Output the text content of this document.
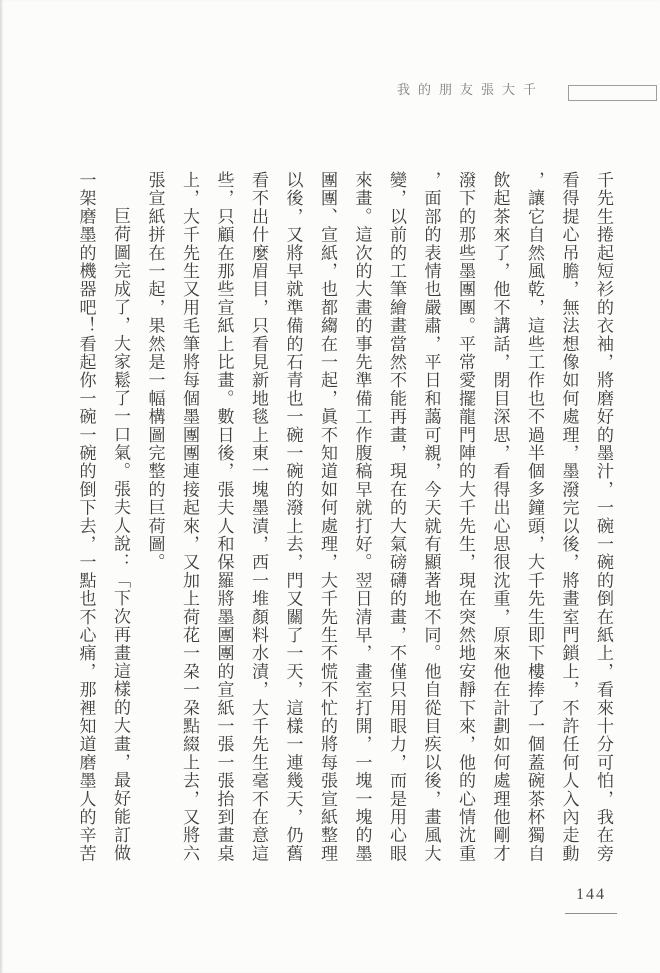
我的朋友張大千

千先生捲起短衫的衣袖，將磨好的墨汁，一碗一碗的倒在紙上，看來十分可怕，我在旁看得提心吊膽，無法想像如何處理，墨潑完以後，將畫室門鎖上，不許任何人入內走動，讓它自然風乾，這些工作也不過半個多鐘頭，大千先生即下樓捧了一個蓋碗茶杯獨自飲起茶來了，他不講話，閉目深思，看得出心思很沈重，原來他在計劃如何處理他剛才潑下的那些墨團團。平常愛擺龍門陣的大千先生，現在突然地安靜下來，他的心情沈重，面部的表情也嚴肅，平日和藹可親，今天就有顯著地不同。他自從目疾以後，畫風大變，以前的工筆繪畫當然不能再畫，現在的大氣磅礴的畫，不僅只用眼力，而是用心眼來畫。這次的大畫的事先準備工作腹稿早就打好。翌日清早，畫室打開，一塊一塊的墨團團、宣紙，也都縐在一起，眞不知道如何處理，大千先生不慌不忙的將每張宣紙整理以後，又將早就準備的石青也一碗一碗的潑上去，門又關了一天，這樣一連幾天，仍舊看不出什麼眉目，只看見新地毯上東一塊墨漬，西一堆顏料水漬，大千先生毫不在意這些，只顧在那些宣紙上比畫。數日後，張夫人和保羅將墨團團的宣紙一張一張抬到畫桌上，大千先生又用毛筆將每個墨團團連接起來，又加上荷花一朶一朶點綴上去，又將六張宣紙拼在一起，果然是一幅構圖完整的巨荷圖。

巨荷圖完成了，大家鬆了一口氣。張夫人說：「下次再畫這樣的大畫，最好能訂做一架磨墨的機器吧！看起你一碗一碗的倒下去，一點也不心痛，那裡知道磨墨人的辛苦

144
